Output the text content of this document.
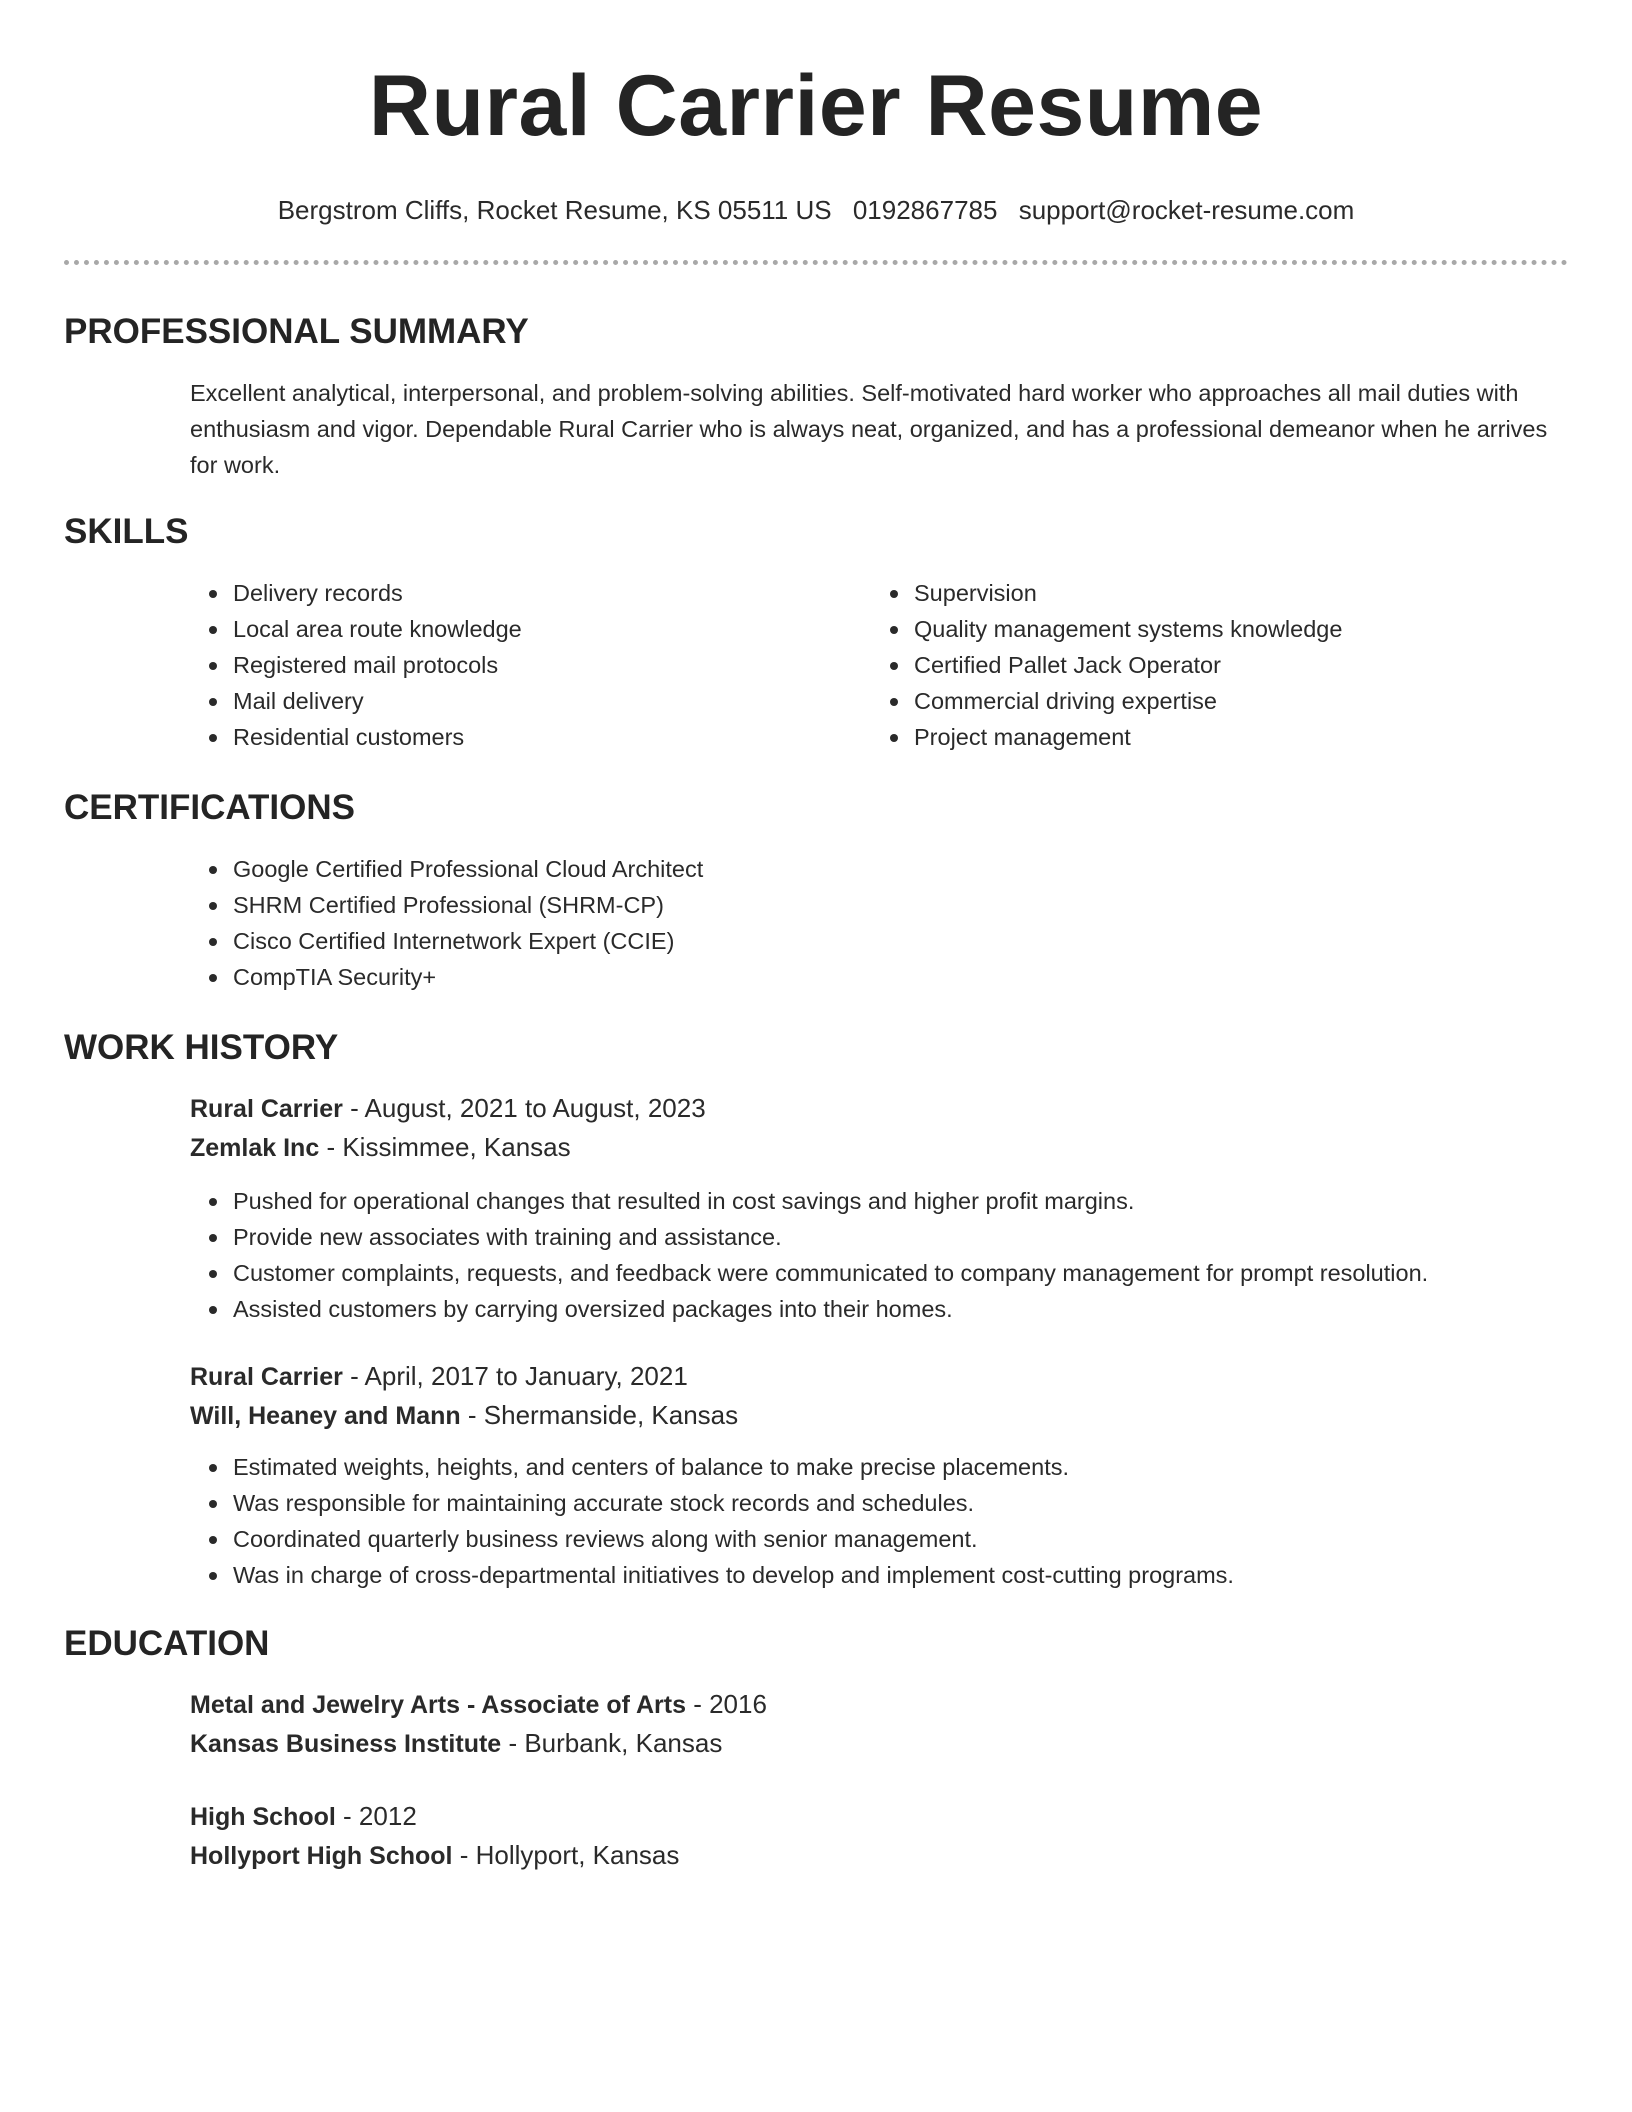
Rural Carrier Resume
Bergstrom Cliffs, Rocket Resume, KS 05511 US 0192867785 support@rocket-resume.com
PROFESSIONAL SUMMARY

Excellent analytical, interpersonal, and problem-solving abilities. Self-motivated hard worker who approaches all mail duties with enthusiasm and vigor. Dependable Rural Carrier who is always neat, organized, and has a professional demeanor when he arrives for work.

SKILLS
Delivery records
Local area route knowledge
Registered mail protocols
Mail delivery
Residential customers
Supervision
Quality management systems knowledge
Certified Pallet Jack Operator
Commercial driving expertise
Project management
CERTIFICATIONS
Google Certified Professional Cloud Architect
SHRM Certified Professional (SHRM-CP)
Cisco Certified Internetwork Expert (CCIE)
CompTIA Security+
WORK HISTORY

Rural Carrier - August, 2021 to August, 2023

Zemlak Inc - Kissimmee, Kansas

Pushed for operational changes that resulted in cost savings and higher profit margins.
Provide new associates with training and assistance.
Customer complaints, requests, and feedback were communicated to company management for prompt resolution.
Assisted customers by carrying oversized packages into their homes.

Rural Carrier - April, 2017 to January, 2021

Will, Heaney and Mann - Shermanside, Kansas

Estimated weights, heights, and centers of balance to make precise placements.
Was responsible for maintaining accurate stock records and schedules.
Coordinated quarterly business reviews along with senior management.
Was in charge of cross-departmental initiatives to develop and implement cost-cutting programs.
EDUCATION

Metal and Jewelry Arts - Associate of Arts - 2016

Kansas Business Institute - Burbank, Kansas

High School - 2012

Hollyport High School - Hollyport, Kansas
